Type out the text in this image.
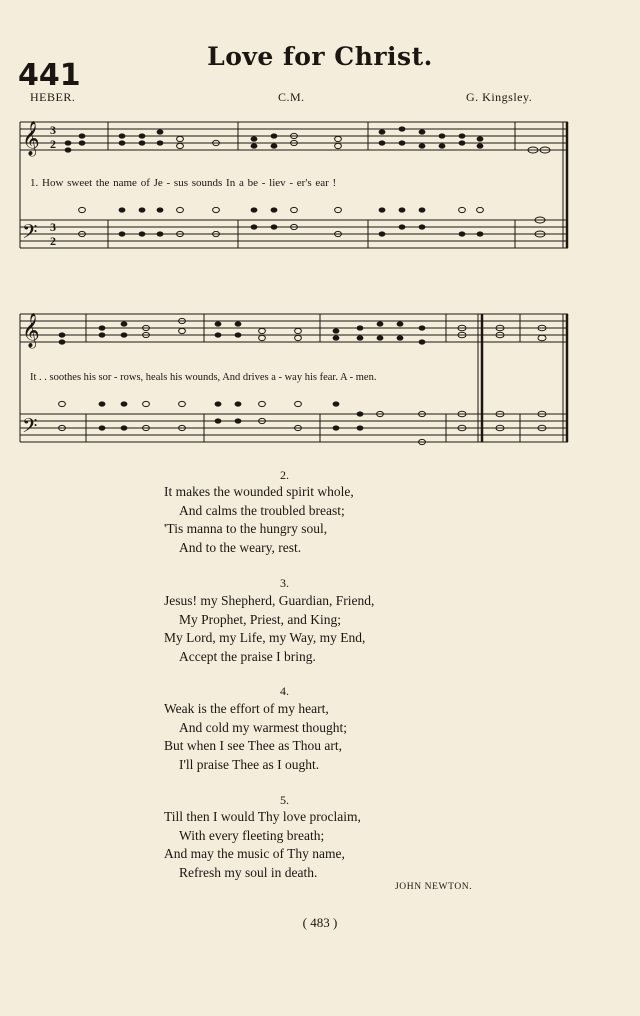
Love for Christ.
441
HEBER.	C.M.	G. Kingsley.
𝄞
𝄢
3
2
3
2
1. How sweet the name of Je - sus sounds In a be - liev - er's ear !
𝄞
𝄢
It . . soothes his sor - rows, heals his wounds, And drives a - way his fear. A - men.
2.
It makes the wounded spirit whole,
And calms the troubled breast;
'Tis manna to the hungry soul,
And to the weary, rest.
3.
Jesus! my Shepherd, Guardian, Friend,
My Prophet, Priest, and King;
My Lord, my Life, my Way, my End,
Accept the praise I bring.
4.
Weak is the effort of my heart,
And cold my warmest thought;
But when I see Thee as Thou art,
I'll praise Thee as I ought.
5.
Till then I would Thy love proclaim,
With every fleeting breath;
And may the music of Thy name,
Refresh my soul in death.
JOHN NEWTON.
( 483 )
